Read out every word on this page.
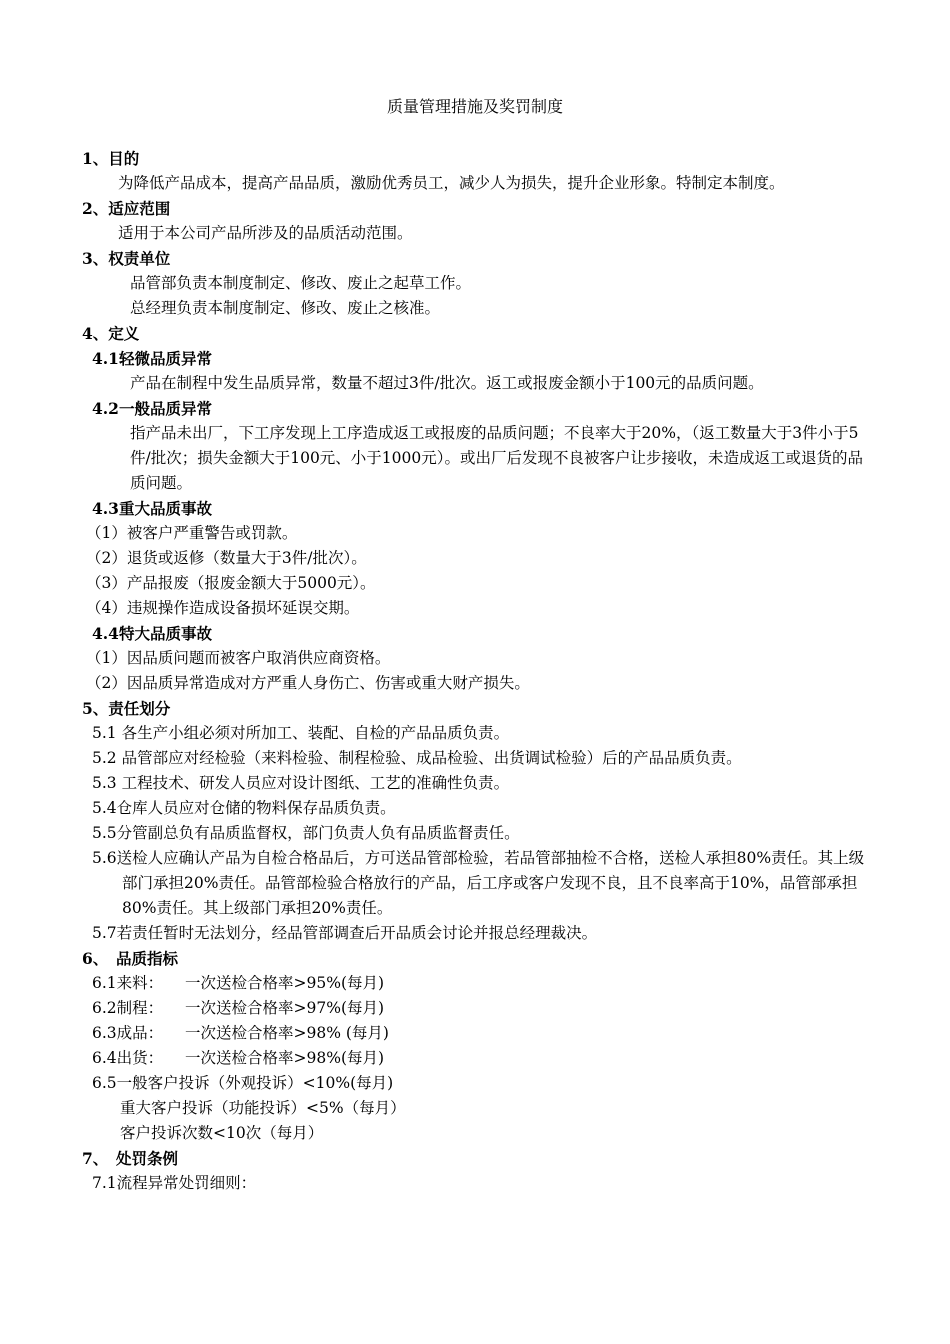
质量管理措施及奖罚制度
1、目的
为降低产品成本，提高产品品质，激励优秀员工，减少人为损失，提升企业形象。特制定本制度。
2、适应范围
适用于本公司产品所涉及的品质活动范围。
3、权责单位
品管部负责本制度制定、修改、废止之起草工作。
总经理负责本制度制定、修改、废止之核准。
4、定义
4.1轻微品质异常
产品在制程中发生品质异常，数量不超过3件/批次。返工或报废金额小于100元的品质问题。
4.2一般品质异常
指产品未出厂，下工序发现上工序造成返工或报废的品质问题；不良率大于20%，（返工数量大于3件小于5件/批次；损失金额大于100元、小于1000元）。或出厂后发现不良被客户让步接收，未造成返工或退货的品质问题。
4.3重大品质事故
（1）被客户严重警告或罚款。
（2）退货或返修（数量大于3件/批次）。
（3）产品报废（报废金额大于5000元）。
（4）违规操作造成设备损坏延误交期。
4.4特大品质事故
（1）因品质问题而被客户取消供应商资格。
（2）因品质异常造成对方严重人身伤亡、伤害或重大财产损失。
5、责任划分
5.1 各生产小组必须对所加工、装配、自检的产品品质负责。
5.2 品管部应对经检验（来料检验、制程检验、成品检验、出货调试检验）后的产品品质负责。
5.3 工程技术、研发人员应对设计图纸、工艺的准确性负责。
5.4仓库人员应对仓储的物料保存品质负责。
5.5分管副总负有品质监督权，部门负责人负有品质监督责任。
5.6送检人应确认产品为自检合格品后，方可送品管部检验，若品管部抽检不合格，送检人承担80%责任。其上级部门承担20%责任。品管部检验合格放行的产品，后工序或客户发现不良，且不良率高于10%，品管部承担80%责任。其上级部门承担20%责任。
5.7若责任暂时无法划分，经品管部调查后开品质会讨论并报总经理裁决。
6、　品质指标
6.1来料： 一次送检合格率>95%(每月)
6.2制程： 一次送检合格率>97%(每月)
6.3成品： 一次送检合格率>98% (每月)
6.4出货： 一次送检合格率>98%(每月)
6.5一般客户投诉（外观投诉）<10%(每月)
重大客户投诉（功能投诉）<5%（每月）
客户投诉次数<10次（每月）
7、　处罚条例
7.1流程异常处罚细则：
